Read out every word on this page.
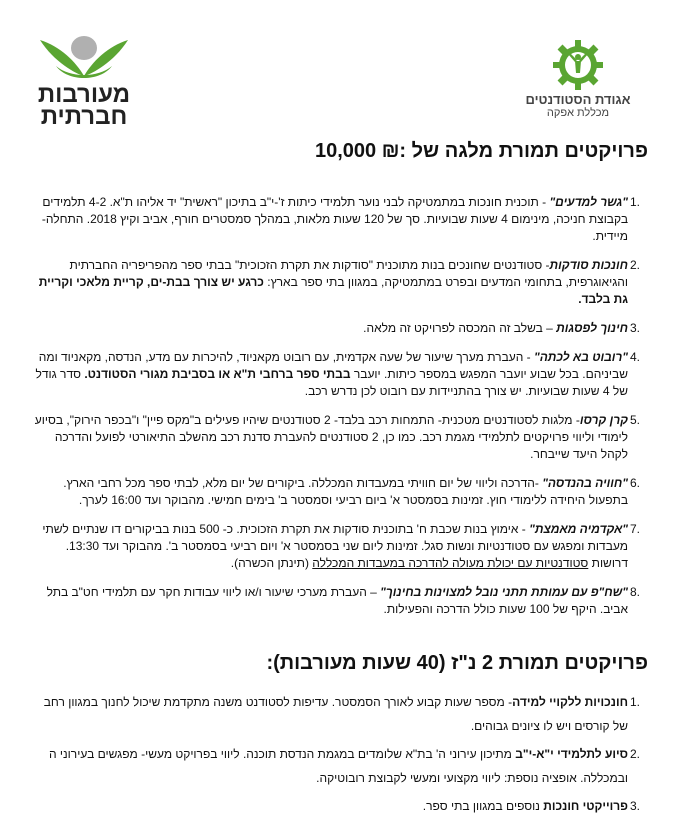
מעורבות
חברתית
אגודת הסטודנטים
מכללת אפקה
פרויקטים תמורת מלגה של 10,000 ₪:
1.
"גשר למדעים" - תוכנית חונכות במתמטיקה לבני נוער תלמידי כיתות ז'-י"ב בתיכון "ראשית" יד אליהו ת"א. 4-2 תלמידים בקבוצת חניכה, מינימום 4 שעות שבועיות. סך של 120 שעות מלאות, במהלך סמסטרים חורף, אביב וקיץ 2018. התחלה- מיידית.
2.
חונכות סודקות- סטודנטים שחונכים בנות מתוכנית "סודקות את תקרת הזכוכית" בבתי ספר מהפריפריה החברתית והגיאוגרפית, בתחומי המדעים ובפרט במתמטיקה, במגוון בתי ספר בארץ: כרגע יש צורך בבת-ים, קריית מלאכי וקריית גת בלבד.
3.
חינוך לפסגות – בשלב זה המכסה לפרויקט זה מלאה.
4.
"רובוט בא לכתה" - העברת מערך שיעור של שעה אקדמית, עם רובוט מקאניוד, להיכרות עם מדע, הנדסה, מקאניוד ומה שביניהם. בכל שבוע יועבר המפגש במספר כיתות. יועבר בבתי ספר ברחבי ת"א או בסביבת מגורי הסטודנט. סדר גודל של 4 שעות שבועיות. יש צורך בהתניידות עם רובוט לכן נדרש רכב.
5.
קרן קרסו- מלגות לסטודנטים מטכנית- התמחות רכב בלבד- 2 סטודנטים שיהיו פעילים ב"מקס פיין" ו"בכפר הירוק", בסיוע לימודי וליווי פרויקטים לתלמידי מגמת רכב. כמו כן, 2 סטודנטים להעברת סדנת רכב מהשלב התיאורטי לפועל והדרכה לקהל היעד שייבחר.
6.
"חוויה בהנדסה" -הדרכה וליווי של יום חוויתי במעבדות המכללה. ביקורים של יום מלא, לבתי ספר מכל רחבי הארץ. בתפעול היחידה ללימודי חוץ. זמינות בסמסטר א' ביום רביעי וסמסטר ב' בימים חמישי. מהבוקר ועד 16:00 לערך.
7.
"אקדמיה מאמצת" - אימוץ בנות שכבת ח' בתוכנית סודקות את תקרת הזכוכית. כ- 500 בנות בביקורים דו שנתיים לשתי מעבדות ומפגש עם סטודנטיות ונשות סגל. זמינות ליום שני בסמסטר א' ויום רביעי בסמסטר ב'. מהבוקר ועד 13:30. דרושות סטודנטיות עם יכולת מעולה להדרכה במעבדות המכללה (תינתן הכשרה).
8.
"שח"פ עם עמותת תתני נובל למצוינות בחינוך" – העברת מערכי שיעור ו/או ליווי עבודות חקר עם תלמידי חט"ב בתל אביב. היקף של 100 שעות כולל הדרכה והפעילות.
פרויקטים תמורת 2 נ"ז (40 שעות מעורבות):
1.
חונכויות ללקויי למידה- מספר שעות קבוע לאורך הסמסטר. עדיפות לסטודנט משנה מתקדמת שיכול לחנוך במגוון רחב של קורסים ויש לו ציונים גבוהים.
2.
סיוע לתלמידי י"א-י"ב מתיכון עירוני ה' בת"א שלומדים במגמת הנדסת תוכנה. ליווי בפרויקט מעשי- מפגשים בעירוני ה ובמכללה. אופציה נוספת: ליווי מקצועי ומעשי לקבוצת רובוטיקה.
3.
פרוייקטי חונכות נוספים במגוון בתי ספר.
